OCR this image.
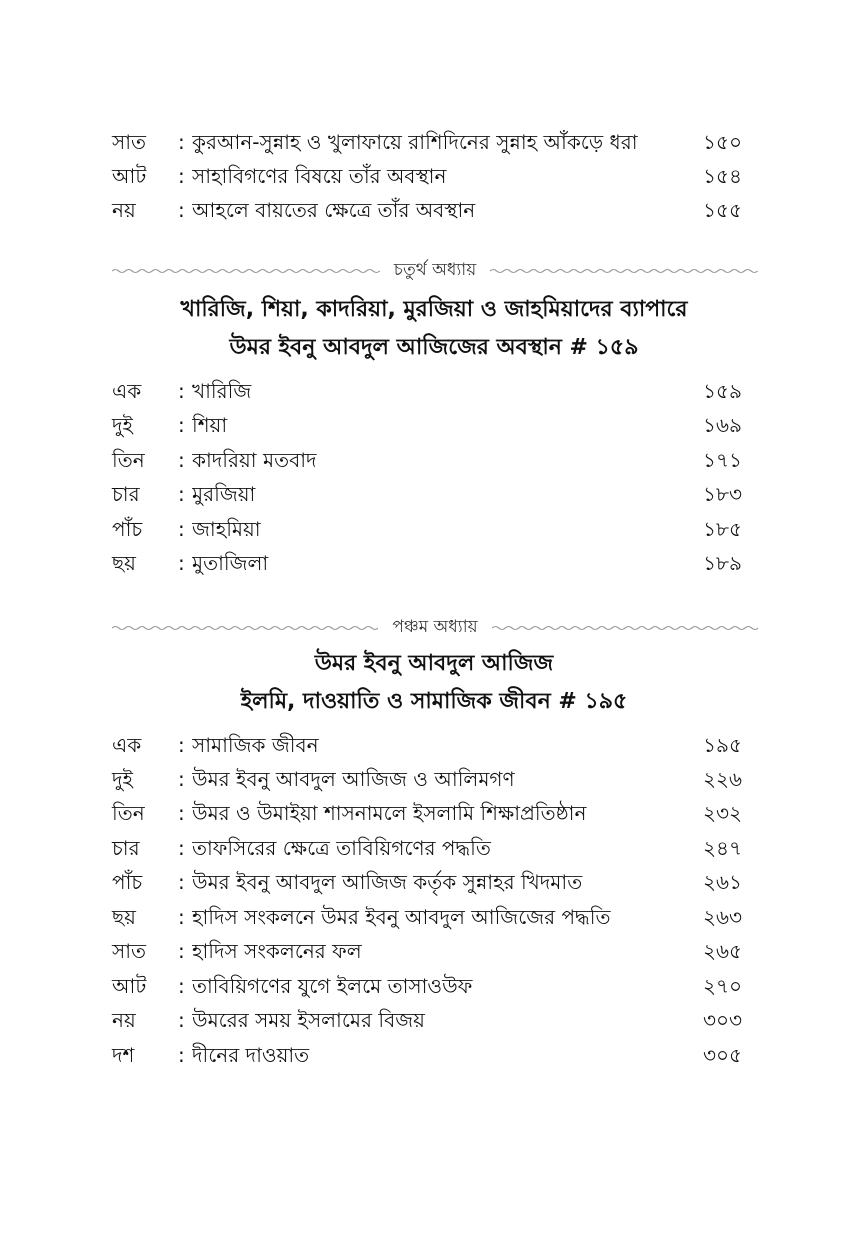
সাত	: কুরআন-সুন্নাহ ও খুলাফায়ে রাশিদিনের সুন্নাহ আঁকড়ে ধরা	১৫০
আট	: সাহাবিগণের বিষয়ে তাঁর অবস্থান	১৫৪
নয়	: আহলে বায়তের ক্ষেত্রে তাঁর অবস্থান	১৫৫
চতুর্থ অধ্যায়
খারিজি, শিয়া, কাদরিয়া, মুরজিয়া ও জাহমিয়াদের ব্যাপারে
উমর ইবনু আবদুল আজিজের অবস্থান # ১৫৯
এক	: খারিজি	১৫৯
দুই	: শিয়া	১৬৯
তিন	: কাদরিয়া মতবাদ	১৭১
চার	: মুরজিয়া	১৮৩
পাঁচ	: জাহমিয়া	১৮৫
ছয়	: মুতাজিলা	১৮৯
পঞ্চম অধ্যায়
উমর ইবনু আবদুল আজিজ
ইলমি, দাওয়াতি ও সামাজিক জীবন # ১৯৫
এক	: সামাজিক জীবন	১৯৫
দুই	: উমর ইবনু আবদুল আজিজ ও আলিমগণ	২২৬
তিন	: উমর ও উমাইয়া শাসনামলে ইসলামি শিক্ষাপ্রতিষ্ঠান	২৩২
চার	: তাফসিরের ক্ষেত্রে তাবিয়িগণের পদ্ধতি	২৪৭
পাঁচ	: উমর ইবনু আবদুল আজিজ কর্তৃক সুন্নাহর খিদমাত	২৬১
ছয়	: হাদিস সংকলনে উমর ইবনু আবদুল আজিজের পদ্ধতি	২৬৩
সাত	: হাদিস সংকলনের ফল	২৬৫
আট	: তাবিয়িগণের যুগে ইলমে তাসাওউফ	২৭০
নয়	: উমরের সময় ইসলামের বিজয়	৩০৩
দশ	: দীনের দাওয়াত	৩০৫
